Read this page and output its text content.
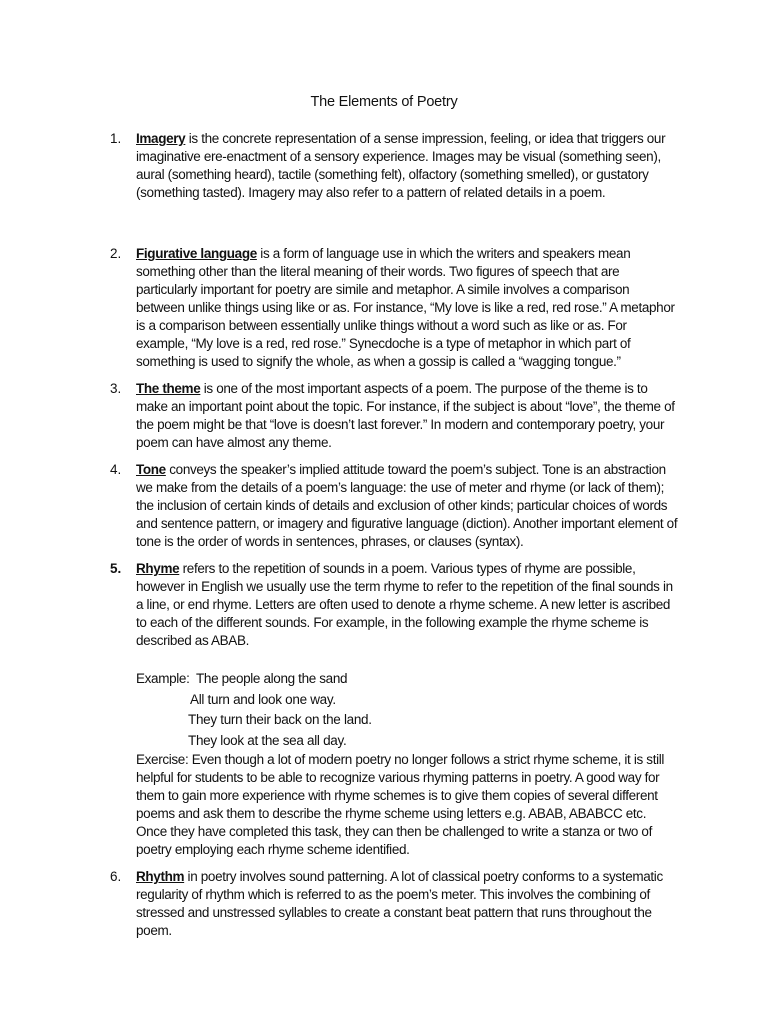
The Elements of Poetry
1. Imagery is the concrete representation of a sense impression, feeling, or idea that triggers our imaginative ere-enactment of a sensory experience. Images may be visual (something seen), aural (something heard), tactile (something felt), olfactory (something smelled), or gustatory (something tasted). Imagery may also refer to a pattern of related details in a poem.
2. Figurative language is a form of language use in which the writers and speakers mean something other than the literal meaning of their words. Two figures of speech that are particularly important for poetry are simile and metaphor. A simile involves a comparison between unlike things using like or as. For instance, “My love is like a red, red rose.” A metaphor is a comparison between essentially unlike things without a word such as like or as. For example, “My love is a red, red rose.” Synecdoche is a type of metaphor in which part of something is used to signify the whole, as when a gossip is called a “wagging tongue.”
3. The theme is one of the most important aspects of a poem. The purpose of the theme is to make an important point about the topic. For instance, if the subject is about “love”, the theme of the poem might be that “love is doesn’t last forever.” In modern and contemporary poetry, your poem can have almost any theme.
4. Tone conveys the speaker’s implied attitude toward the poem’s subject. Tone is an abstraction we make from the details of a poem’s language: the use of meter and rhyme (or lack of them); the inclusion of certain kinds of details and exclusion of other kinds; particular choices of words and sentence pattern, or imagery and figurative language (diction). Another important element of tone is the order of words in sentences, phrases, or clauses (syntax).
5. Rhyme refers to the repetition of sounds in a poem. Various types of rhyme are possible, however in English we usually use the term rhyme to refer to the repetition of the final sounds in a line, or end rhyme. Letters are often used to denote a rhyme scheme. A new letter is ascribed to each of the different sounds. For example, in the following example the rhyme scheme is described as ABAB.
Example:  The people along the sand
All turn and look one way.
They turn their back on the land.
They look at the sea all day.
Exercise: Even though a lot of modern poetry no longer follows a strict rhyme scheme, it is still helpful for students to be able to recognize various rhyming patterns in poetry. A good way for them to gain more experience with rhyme schemes is to give them copies of several different poems and ask them to describe the rhyme scheme using letters e.g. ABAB, ABABCC etc. Once they have completed this task, they can then be challenged to write a stanza or two of poetry employing each rhyme scheme identified.
6. Rhythm in poetry involves sound patterning. A lot of classical poetry conforms to a systematic regularity of rhythm which is referred to as the poem’s meter. This involves the combining of stressed and unstressed syllables to create a constant beat pattern that runs throughout the poem.
